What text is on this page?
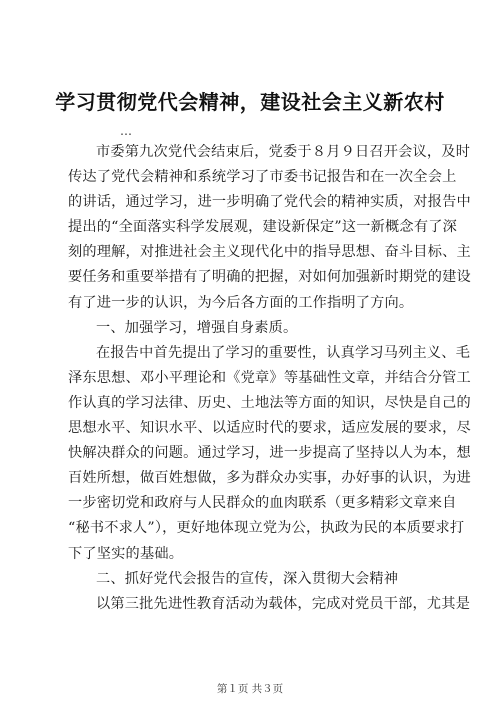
学习贯彻党代会精神，建设社会主义新农村
…
市委第九次党代会结束后，党委于８月９日召开会议，及时
传达了党代会精神和系统学习了市委书记报告和在一次全会上
的讲话，通过学习，进一步明确了党代会的精神实质，对报告中
提出的“全面落实科学发展观，建设新保定”这一新概念有了深
刻的理解，对推进社会主义现代化中的指导思想、奋斗目标、主
要任务和重要举措有了明确的把握，对如何加强新时期党的建设
有了进一步的认识，为今后各方面的工作指明了方向。
一、加强学习，增强自身素质。
在报告中首先提出了学习的重要性，认真学习马列主义、毛
泽东思想、邓小平理论和《党章》等基础性文章，并结合分管工
作认真的学习法律、历史、土地法等方面的知识，尽快是自己的
思想水平、知识水平、以适应时代的要求，适应发展的要求，尽
快解决群众的问题。通过学习，进一步提高了坚持以人为本，想
百姓所想，做百姓想做，多为群众办实事，办好事的认识，为进
一步密切党和政府与人民群众的血肉联系（更多精彩文章来自
“秘书不求人”），更好地体现立党为公，执政为民的本质要求打
下了坚实的基础。
二、抓好党代会报告的宣传，深入贯彻大会精神
以第三批先进性教育活动为载体，完成对党员干部，尤其是
第１页 共３页
